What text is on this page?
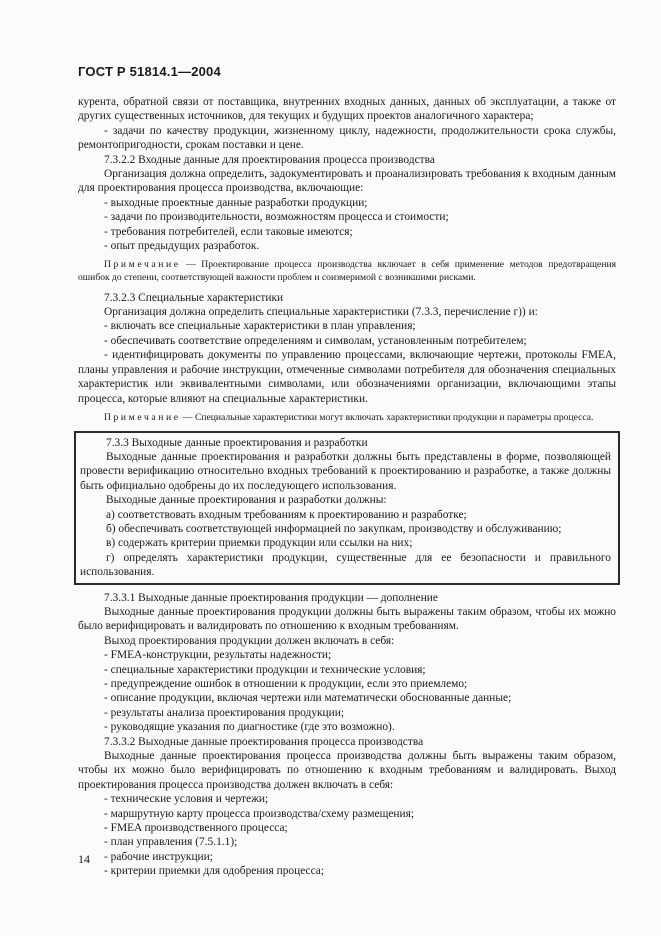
ГОСТ Р 51814.1—2004

курента, обратной связи от поставщика, внутренних входных данных, данных об эксплуатации, а также от других существенных источников, для текущих и будущих проектов аналогичного характера;

- задачи по качеству продукции, жизненному циклу, надежности, продолжительности срока службы, ремонтопригодности, срокам поставки и цене.

7.3.2.2 Входные данные для проектирования процесса производства

Организация должна определить, задокументировать и проанализировать требования к входным данным для проектирования процесса производства, включающие:

- выходные проектные данные разработки продукции;

- задачи по производительности, возможностям процесса и стоимости;

- требования потребителей, если таковые имеются;

- опыт предыдущих разработок.

Примечание — Проектирование процесса производства включает в себя применение методов предотвращения ошибок до степени, соответствующей важности проблем и соизмеримой с возникшими рисками.

7.3.2.3 Специальные характеристики

Организация должна определить специальные характеристики (7.3.3, перечисление г)) и:

- включать все специальные характеристики в план управления;

- обеспечивать соответствие определениям и символам, установленным потребителем;

- идентифицировать документы по управлению процессами, включающие чертежи, протоколы FMEA, планы управления и рабочие инструкции, отмеченные символами потребителя для обозначения специальных характеристик или эквивалентными символами, или обозначениями организации, включающими этапы процесса, которые влияют на специальные характеристики.

Примечание — Специальные характеристики могут включать характеристики продукции и параметры процесса.

7.3.3 Выходные данные проектирования и разработки

Выходные данные проектирования и разработки должны быть представлены в форме, позволяющей провести верификацию относительно входных требований к проектированию и разработке, а также должны быть официально одобрены до их последующего использования.

Выходные данные проектирования и разработки должны:

а) соответствовать входным требованиям к проектированию и разработке;

б) обеспечивать соответствующей информацией по закупкам, производству и обслуживанию;

в) содержать критерии приемки продукции или ссылки на них;

г) определять характеристики продукции, существенные для ее безопасности и правильного использования.

7.3.3.1 Выходные данные проектирования продукции — дополнение

Выходные данные проектирования продукции должны быть выражены таким образом, чтобы их можно было верифицировать и валидировать по отношению к входным требованиям.

Выход проектирования продукции должен включать в себя:

- FMEA-конструкции, результаты надежности;

- специальные характеристики продукции и технические условия;

- предупреждение ошибок в отношении к продукции, если это приемлемо;

- описание продукции, включая чертежи или математически обоснованные данные;

- результаты анализа проектирования продукции;

- руководящие указания по диагностике (где это возможно).

7.3.3.2 Выходные данные проектирования процесса производства

Выходные данные проектирования процесса производства должны быть выражены таким образом, чтобы их можно было верифицировать по отношению к входным требованиям и валидировать. Выход проектирования процесса производства должен включать в себя:

- технические условия и чертежи;

- маршрутную карту процесса производства/схему размещения;

- FMEA производственного процесса;

- план управления (7.5.1.1);

- рабочие инструкции;

- критерии приемки для одобрения процесса;

14
